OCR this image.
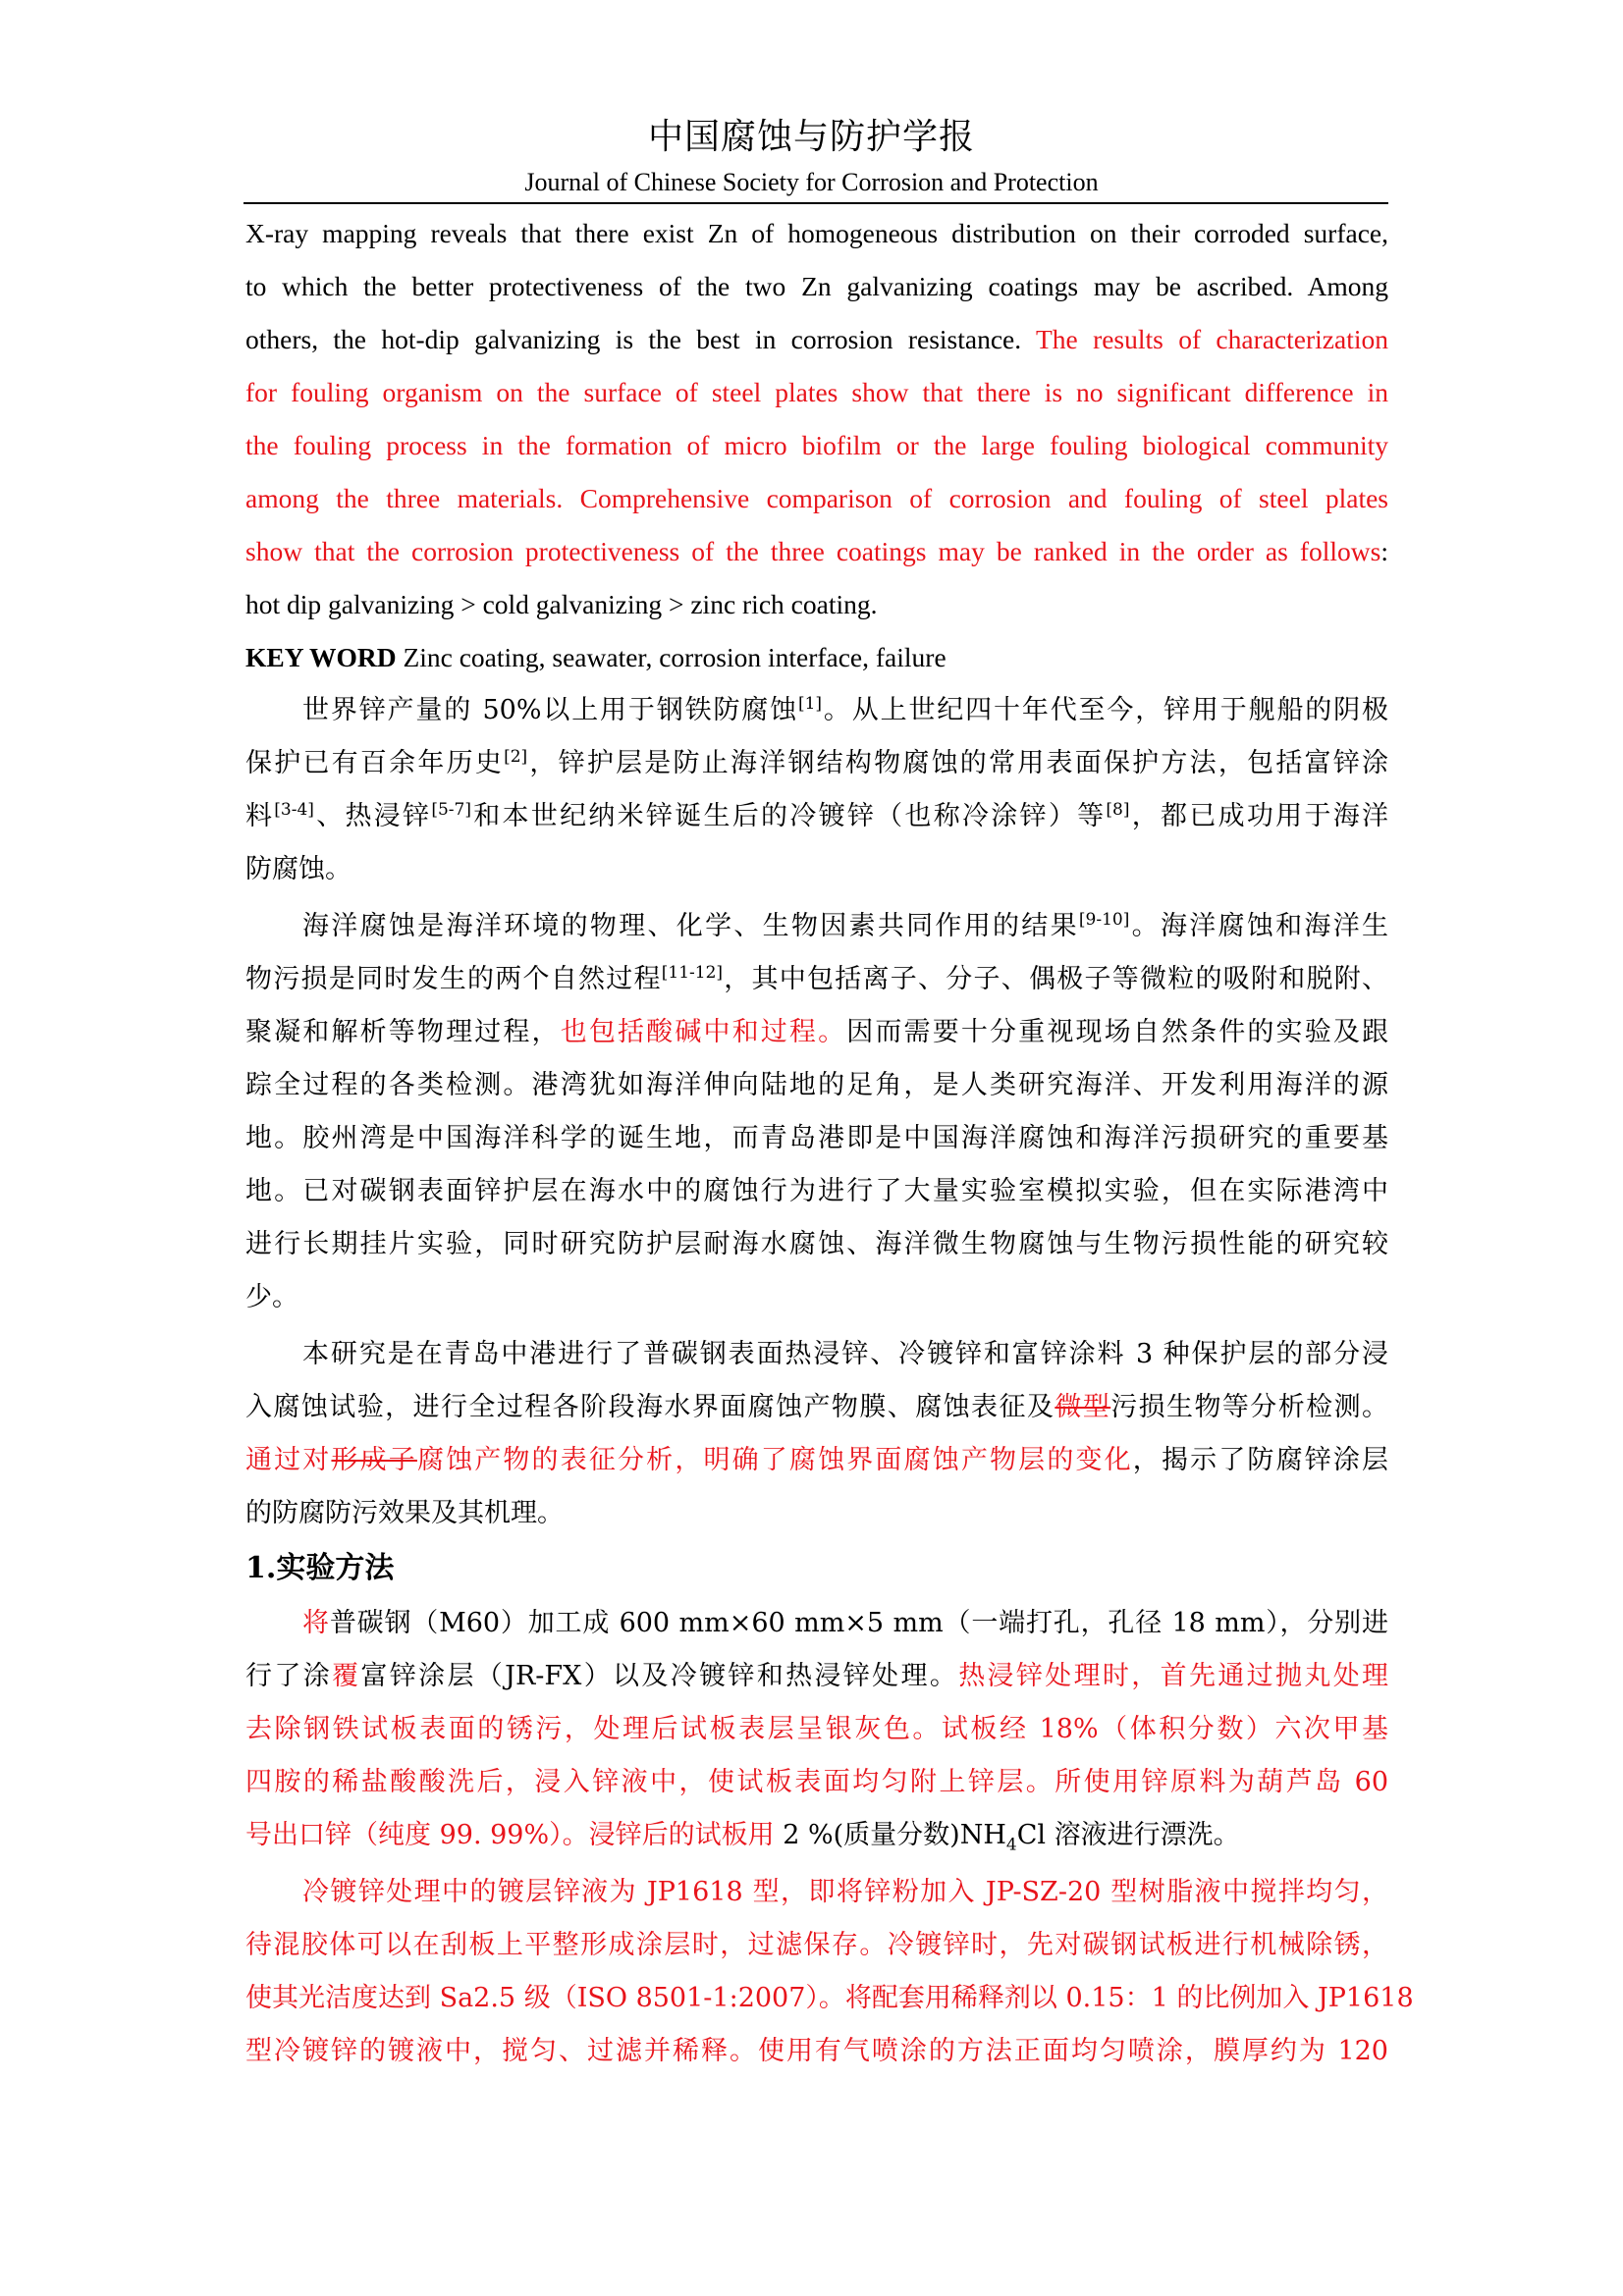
中国腐蚀与防护学报
Journal of Chinese Society for Corrosion and Protection
X-ray mapping reveals that there exist Zn of homogeneous distribution on their corroded surface,
to which the better protectiveness of the two Zn galvanizing coatings may be ascribed. Among
others, the hot-dip galvanizing is the best in corrosion resistance. The results of characterization
for fouling organism on the surface of steel plates show that there is no significant difference in
the fouling process in the formation of micro biofilm or the large fouling biological community
among the three materials. Comprehensive comparison of corrosion and fouling of steel plates
show that the corrosion protectiveness of the three coatings may be ranked in the order as follows:
hot dip galvanizing > cold galvanizing > zinc rich coating.
KEY WORD Zinc coating, seawater, corrosion interface, failure
世界锌产量的 50%以上用于钢铁防腐蚀[1]。从上世纪四十年代至今，锌用于舰船的阴极
保护已有百余年历史[2]，锌护层是防止海洋钢结构物腐蚀的常用表面保护方法，包括富锌涂
料[3-4]、热浸锌[5-7]和本世纪纳米锌诞生后的冷镀锌（也称冷涂锌）等[8]，都已成功用于海洋
防腐蚀。
海洋腐蚀是海洋环境的物理、化学、生物因素共同作用的结果[9-10]。海洋腐蚀和海洋生
物污损是同时发生的两个自然过程[11-12]，其中包括离子、分子、偶极子等微粒的吸附和脱附、
聚凝和解析等物理过程，也包括酸碱中和过程。因而需要十分重视现场自然条件的实验及跟
踪全过程的各类检测。港湾犹如海洋伸向陆地的足角，是人类研究海洋、开发利用海洋的源
地。胶州湾是中国海洋科学的诞生地，而青岛港即是中国海洋腐蚀和海洋污损研究的重要基
地。已对碳钢表面锌护层在海水中的腐蚀行为进行了大量实验室模拟实验，但在实际港湾中
进行长期挂片实验，同时研究防护层耐海水腐蚀、海洋微生物腐蚀与生物污损性能的研究较
少。
本研究是在青岛中港进行了普碳钢表面热浸锌、冷镀锌和富锌涂料 3 种保护层的部分浸
入腐蚀试验，进行全过程各阶段海水界面腐蚀产物膜、腐蚀表征及微型污损生物等分析检测。
通过对形成子腐蚀产物的表征分析，明确了腐蚀界面腐蚀产物层的变化，揭示了防腐锌涂层
的防腐防污效果及其机理。
1.实验方法
将普碳钢（M60）加工成 600 mm×60 mm×5 mm（一端打孔，孔径 18 mm），分别进
行了涂覆富锌涂层（JR-FX）以及冷镀锌和热浸锌处理。热浸锌处理时，首先通过抛丸处理
去除钢铁试板表面的锈污，处理后试板表层呈银灰色。试板经 18%（体积分数）六次甲基
四胺的稀盐酸酸洗后，浸入锌液中，使试板表面均匀附上锌层。所使用锌原料为葫芦岛 60
号出口锌（纯度 99. 99%）。浸锌后的试板用 2 %(质量分数)$NH_4Cl$ 溶液进行漂洗。
冷镀锌处理中的镀层锌液为 JP1618 型，即将锌粉加入 JP-SZ-20 型树脂液中搅拌均匀，
待混胶体可以在刮板上平整形成涂层时，过滤保存。冷镀锌时，先对碳钢试板进行机械除锈，
使其光洁度达到 Sa2.5 级（ISO 8501-1:2007）。将配套用稀释剂以 0.15：1 的比例加入 JP1618
型冷镀锌的镀液中，搅匀、过滤并稀释。使用有气喷涂的方法正面均匀喷涂，膜厚约为 120
